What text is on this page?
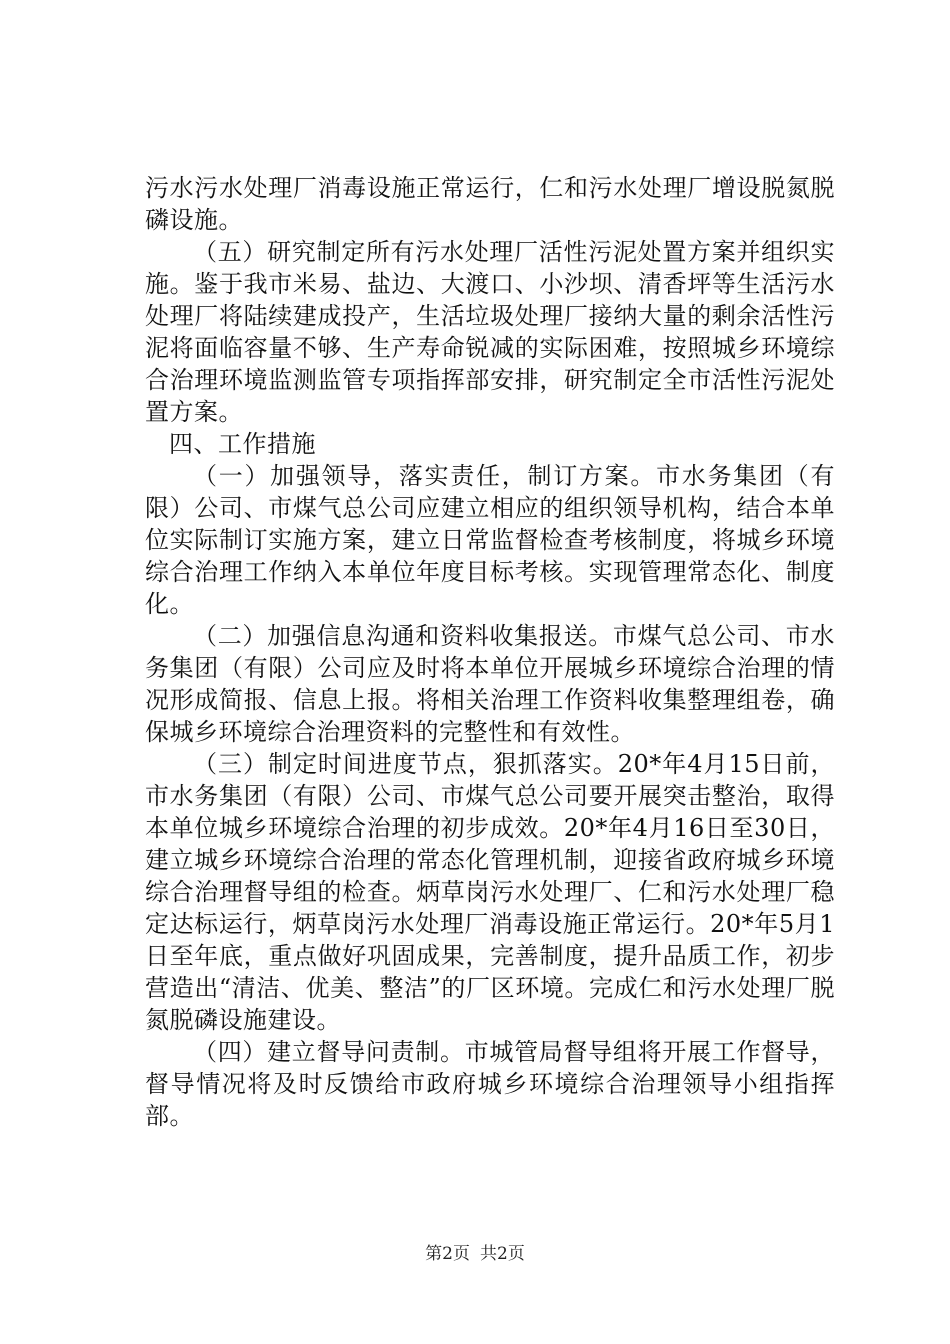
污水污水处理厂消毒设施正常运行，仁和污水处理厂增设脱氮脱磷设施。

（五）研究制定所有污水处理厂活性污泥处置方案并组织实施。鉴于我市米易、盐边、大渡口、小沙坝、清香坪等生活污水处理厂将陆续建成投产，生活垃圾处理厂接纳大量的剩余活性污泥将面临容量不够、生产寿命锐减的实际困难，按照城乡环境综合治理环境监测监管专项指挥部安排，研究制定全市活性污泥处置方案。

四、工作措施

（一）加强领导，落实责任，制订方案。市水务集团（有限）公司、市煤气总公司应建立相应的组织领导机构，结合本单位实际制订实施方案，建立日常监督检查考核制度，将城乡环境综合治理工作纳入本单位年度目标考核。实现管理常态化、制度化。

（二）加强信息沟通和资料收集报送。市煤气总公司、市水务集团（有限）公司应及时将本单位开展城乡环境综合治理的情况形成简报、信息上报。将相关治理工作资料收集整理组卷，确保城乡环境综合治理资料的完整性和有效性。

（三）制定时间进度节点，狠抓落实。20*年4月15日前，市水务集团（有限）公司、市煤气总公司要开展突击整治，取得本单位城乡环境综合治理的初步成效。20*年4月16日至30日，建立城乡环境综合治理的常态化管理机制，迎接省政府城乡环境综合治理督导组的检查。炳草岗污水处理厂、仁和污水处理厂稳定达标运行，炳草岗污水处理厂消毒设施正常运行。20*年5月1日至年底，重点做好巩固成果，完善制度，提升品质工作，初步营造出“清洁、优美、整洁”的厂区环境。完成仁和污水处理厂脱氮脱磷设施建设。

（四）建立督导问责制。市城管局督导组将开展工作督导，督导情况将及时反馈给市政府城乡环境综合治理领导小组指挥部。

第2页 共2页
